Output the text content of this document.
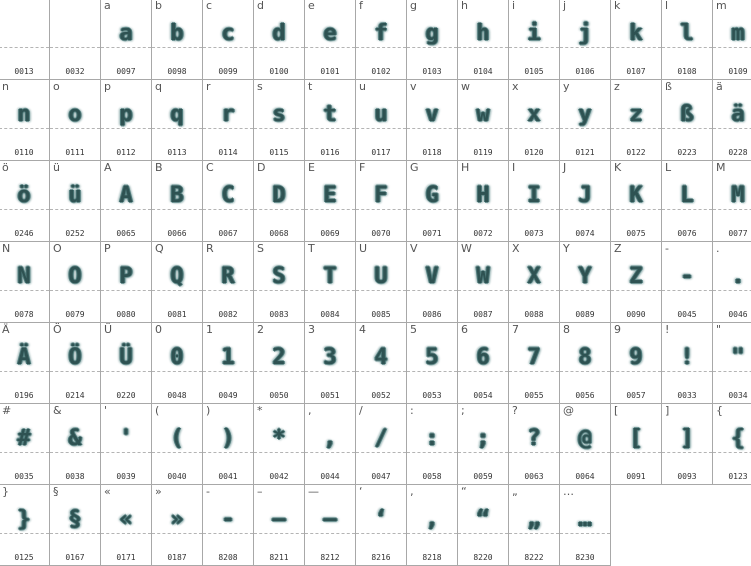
0013	0032
a
a
0097
b
b
0098
c
c
0099
d
d
0100
e
e
0101
f
f
0102
g
g
0103
h
h
0104
i
i
0105
j
j
0106
k
k
0107
l
l
0108
m
m
0109
n
n
0110
o
o
0111
p
p
0112
q
q
0113
r
r
0114
s
s
0115
t
t
0116
u
u
0117
v
v
0118
w
w
0119
x
x
0120
y
y
0121
z
z
0122
ß
ß
0223
ä
ä
0228
ö
ö
0246
ü
ü
0252
A
A
0065
B
B
0066
C
C
0067
D
D
0068
E
E
0069
F
F
0070
G
G
0071
H
H
0072
I
I
0073
J
J
0074
K
K
0075
L
L
0076
M
M
0077
N
N
0078
O
O
0079
P
P
0080
Q
Q
0081
R
R
0082
S
S
0083
T
T
0084
U
U
0085
V
V
0086
W
W
0087
X
X
0088
Y
Y
0089
Z
Z
0090
-
-
0045
.
.
0046
Ä
Ä
0196
Ö
Ö
0214
Ü
Ü
0220
0
0
0048
1
1
0049
2
2
0050
3
3
0051
4
4
0052
5
5
0053
6
6
0054
7
7
0055
8
8
0056
9
9
0057
!
!
0033
"
"
0034
#
#
0035
&
&
0038
'
'
0039
(
(
0040
)
)
0041
*
*
0042
,
,
0044
/
/
0047
:
:
0058
;
;
0059
?
?
0063
@
@
0064
[
[
0091
]
]
0093
{
{
0123
}
}
0125
§
§
0167
«
«
0171
»
»
0187
‐
‐
8208
–
–
8211
—
—
8212
‘
‘
8216
‚
‚
8218
“
“
8220
„
„
8222
…
…
8230
